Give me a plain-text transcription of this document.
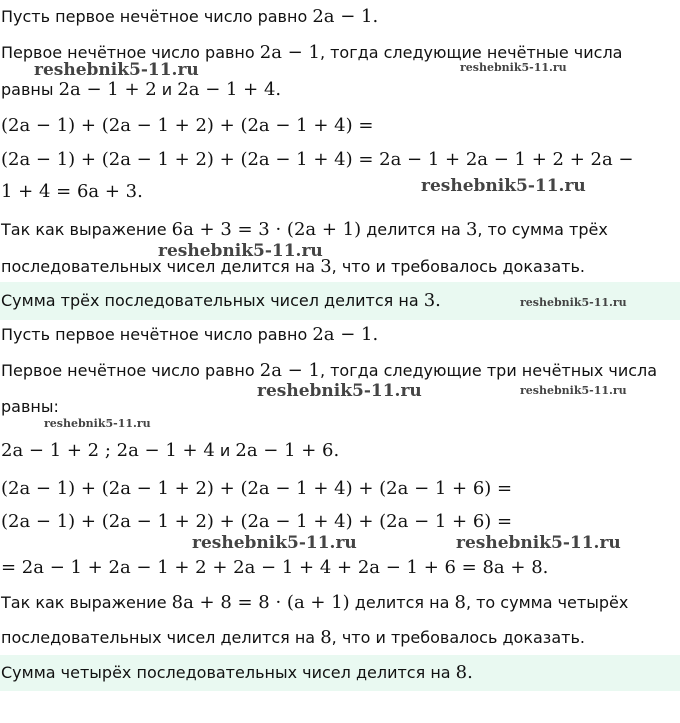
Пусть первое нечётное число равно 2a − 1.
Первое нечётное число равно 2a − 1, тогда следующие нечётные числа
равны 2a − 1 + 2 и 2a − 1 + 4.
(2a − 1) + (2a − 1 + 2) + (2a − 1 + 4) =
(2a − 1) + (2a − 1 + 2) + (2a − 1 + 4) = 2a − 1 + 2a − 1 + 2 + 2a −
1 + 4 = 6a + 3.
Так как выражение 6a + 3 = 3 · (2a + 1) делится на 3, то сумма трёх
последовательных чисел делится на 3, что и требовалось доказать.
Сумма трёх последовательных чисел делится на 3.
Пусть первое нечётное число равно 2a − 1.
Первое нечётное число равно 2a − 1, тогда следующие три нечётных числа
равны:
2a − 1 + 2 ; 2a − 1 + 4 и 2a − 1 + 6.
(2a − 1) + (2a − 1 + 2) + (2a − 1 + 4) + (2a − 1 + 6) =
(2a − 1) + (2a − 1 + 2) + (2a − 1 + 4) + (2a − 1 + 6) =
= 2a − 1 + 2a − 1 + 2 + 2a − 1 + 4 + 2a − 1 + 6 = 8a + 8.
Так как выражение 8a + 8 = 8 · (a + 1) делится на 8, то сумма четырёх
последовательных чисел делится на 8, что и требовалось доказать.
Сумма четырёх последовательных чисел делится на 8.
reshebnik5-11.ru	reshebnik5-11.ru
reshebnik5-11.ru
reshebnik5-11.ru
reshebnik5-11.ru
reshebnik5-11.ru	reshebnik5-11.ru
reshebnik5-11.ru
reshebnik5-11.ru	reshebnik5-11.ru
